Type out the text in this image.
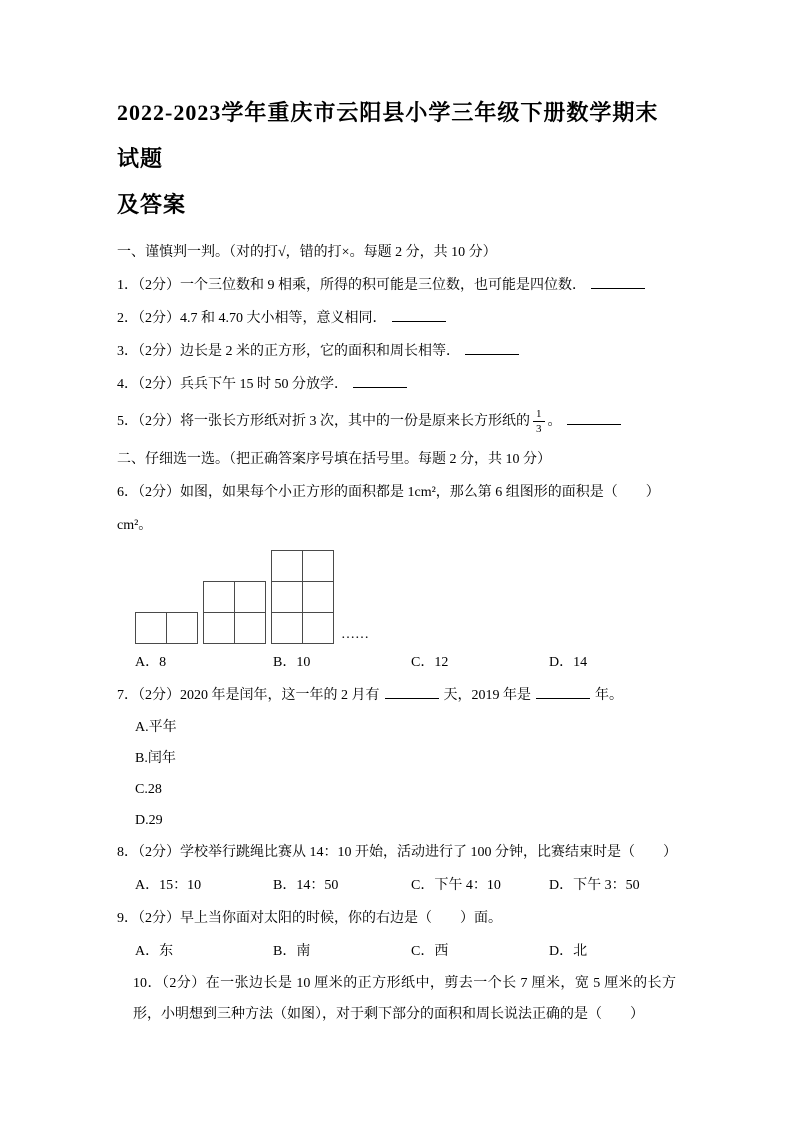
2022-2023学年重庆市云阳县小学三年级下册数学期末试题
及答案

一、谨慎判一判。（对的打√，错的打×。每题 2 分，共 10 分）

1．（2分）一个三位数和 9 相乘，所得的积可能是三位数，也可能是四位数．

2．（2分）4.7 和 4.70 大小相等，意义相同．

3．（2分）边长是 2 米的正方形，它的面积和周长相等．

4．（2分）兵兵下午 15 时 50 分放学．

5．（2分）将一张长方形纸对折 3 次，其中的一份是原来长方形纸的 $\frac{1}{3}$ 。

二、仔细选一选。（把正确答案序号填在括号里。每题 2 分，共 10 分）

6．（2分）如图，如果每个小正方形的面积都是 1cm²，那么第 6 组图形的面积是（　　）

cm²。

……
A．8	B．10	C．12	D．14

7．（2分）2020 年是闰年，这一年的 2 月有	天，2019 年是	年。

A.平年

B.闰年

C.28

D.29

8．（2分）学校举行跳绳比赛从 14：10 开始，活动进行了 100 分钟，比赛结束时是（　　）

A．15：10	B．14：50	C．下午 4：10	D．下午 3：50

9．（2分）早上当你面对太阳的时候，你的右边是（　　）面。

A．东	B．南	C．西	D．北

10．（2分）在一张边长是 10 厘米的正方形纸中，剪去一个长 7 厘米，宽 5 厘米的长方形，小明想到三种方法（如图），对于剩下部分的面积和周长说法正确的是（　　）
